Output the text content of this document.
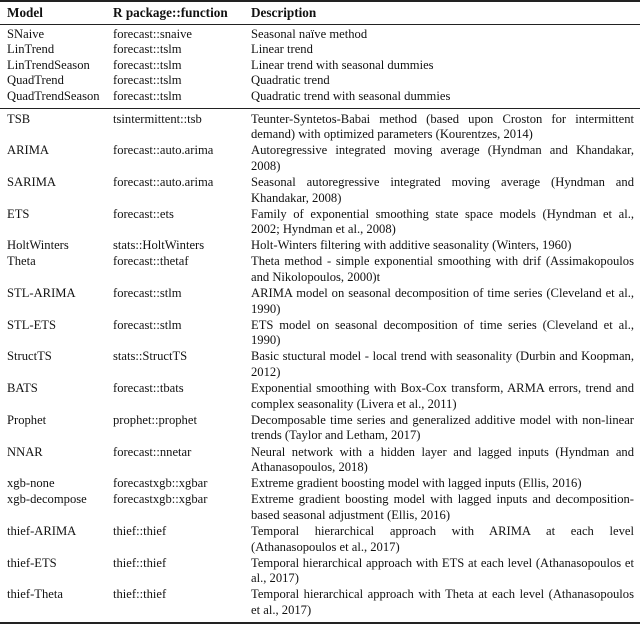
Model	R package::function	Description
SNaive	forecast::snaive	Seasonal naïve method
LinTrend	forecast::tslm	Linear trend
LinTrendSeason	forecast::tslm	Linear trend with seasonal dummies
QuadTrend	forecast::tslm	Quadratic trend
QuadTrendSeason	forecast::tslm	Quadratic trend with seasonal dummies
TSB	tsintermittent::tsb	Teunter-Syntetos-Babai method (based upon Croston for intermittent demand) with optimized parameters (Kourentzes, 2014)
ARIMA	forecast::auto.arima	Autoregressive integrated moving average (Hyndman and Khandakar, 2008)
SARIMA	forecast::auto.arima	Seasonal autoregressive integrated moving average (Hyndman and Khandakar, 2008)
ETS	forecast::ets	Family of exponential smoothing state space models (Hyndman et al., 2002; Hyndman et al., 2008)
HoltWinters	stats::HoltWinters	Holt-Winters filtering with additive seasonality (Winters, 1960)
Theta	forecast::thetaf	Theta method - simple exponential smoothing with drif (Assimakopoulos and Nikolopoulos, 2000)t
STL-ARIMA	forecast::stlm	ARIMA model on seasonal decomposition of time series (Cleveland et al., 1990)
STL-ETS	forecast::stlm	ETS model on seasonal decomposition of time series (Cleveland et al., 1990)
StructTS	stats::StructTS	Basic stuctural model - local trend with seasonality (Durbin and Koopman, 2012)
BATS	forecast::tbats	Exponential smoothing with Box-Cox transform, ARMA errors, trend and complex seasonality (Livera et al., 2011)
Prophet	prophet::prophet	Decomposable time series and generalized additive model with non-linear trends (Taylor and Letham, 2017)
NNAR	forecast::nnetar	Neural network with a hidden layer and lagged inputs (Hyndman and Athanasopoulos, 2018)
xgb-none	forecastxgb::xgbar	Extreme gradient boosting model with lagged inputs (Ellis, 2016)
xgb-decompose	forecastxgb::xgbar	Extreme gradient boosting model with lagged inputs and decomposition-based seasonal adjustment (Ellis, 2016)
thief-ARIMA	thief::thief	Temporal hierarchical approach with ARIMA at each level (Athanasopoulos et al., 2017)
thief-ETS	thief::thief	Temporal hierarchical approach with ETS at each level (Athanasopoulos et al., 2017)
thief-Theta	thief::thief	Temporal hierarchical approach with Theta at each level (Athanasopoulos et al., 2017)
